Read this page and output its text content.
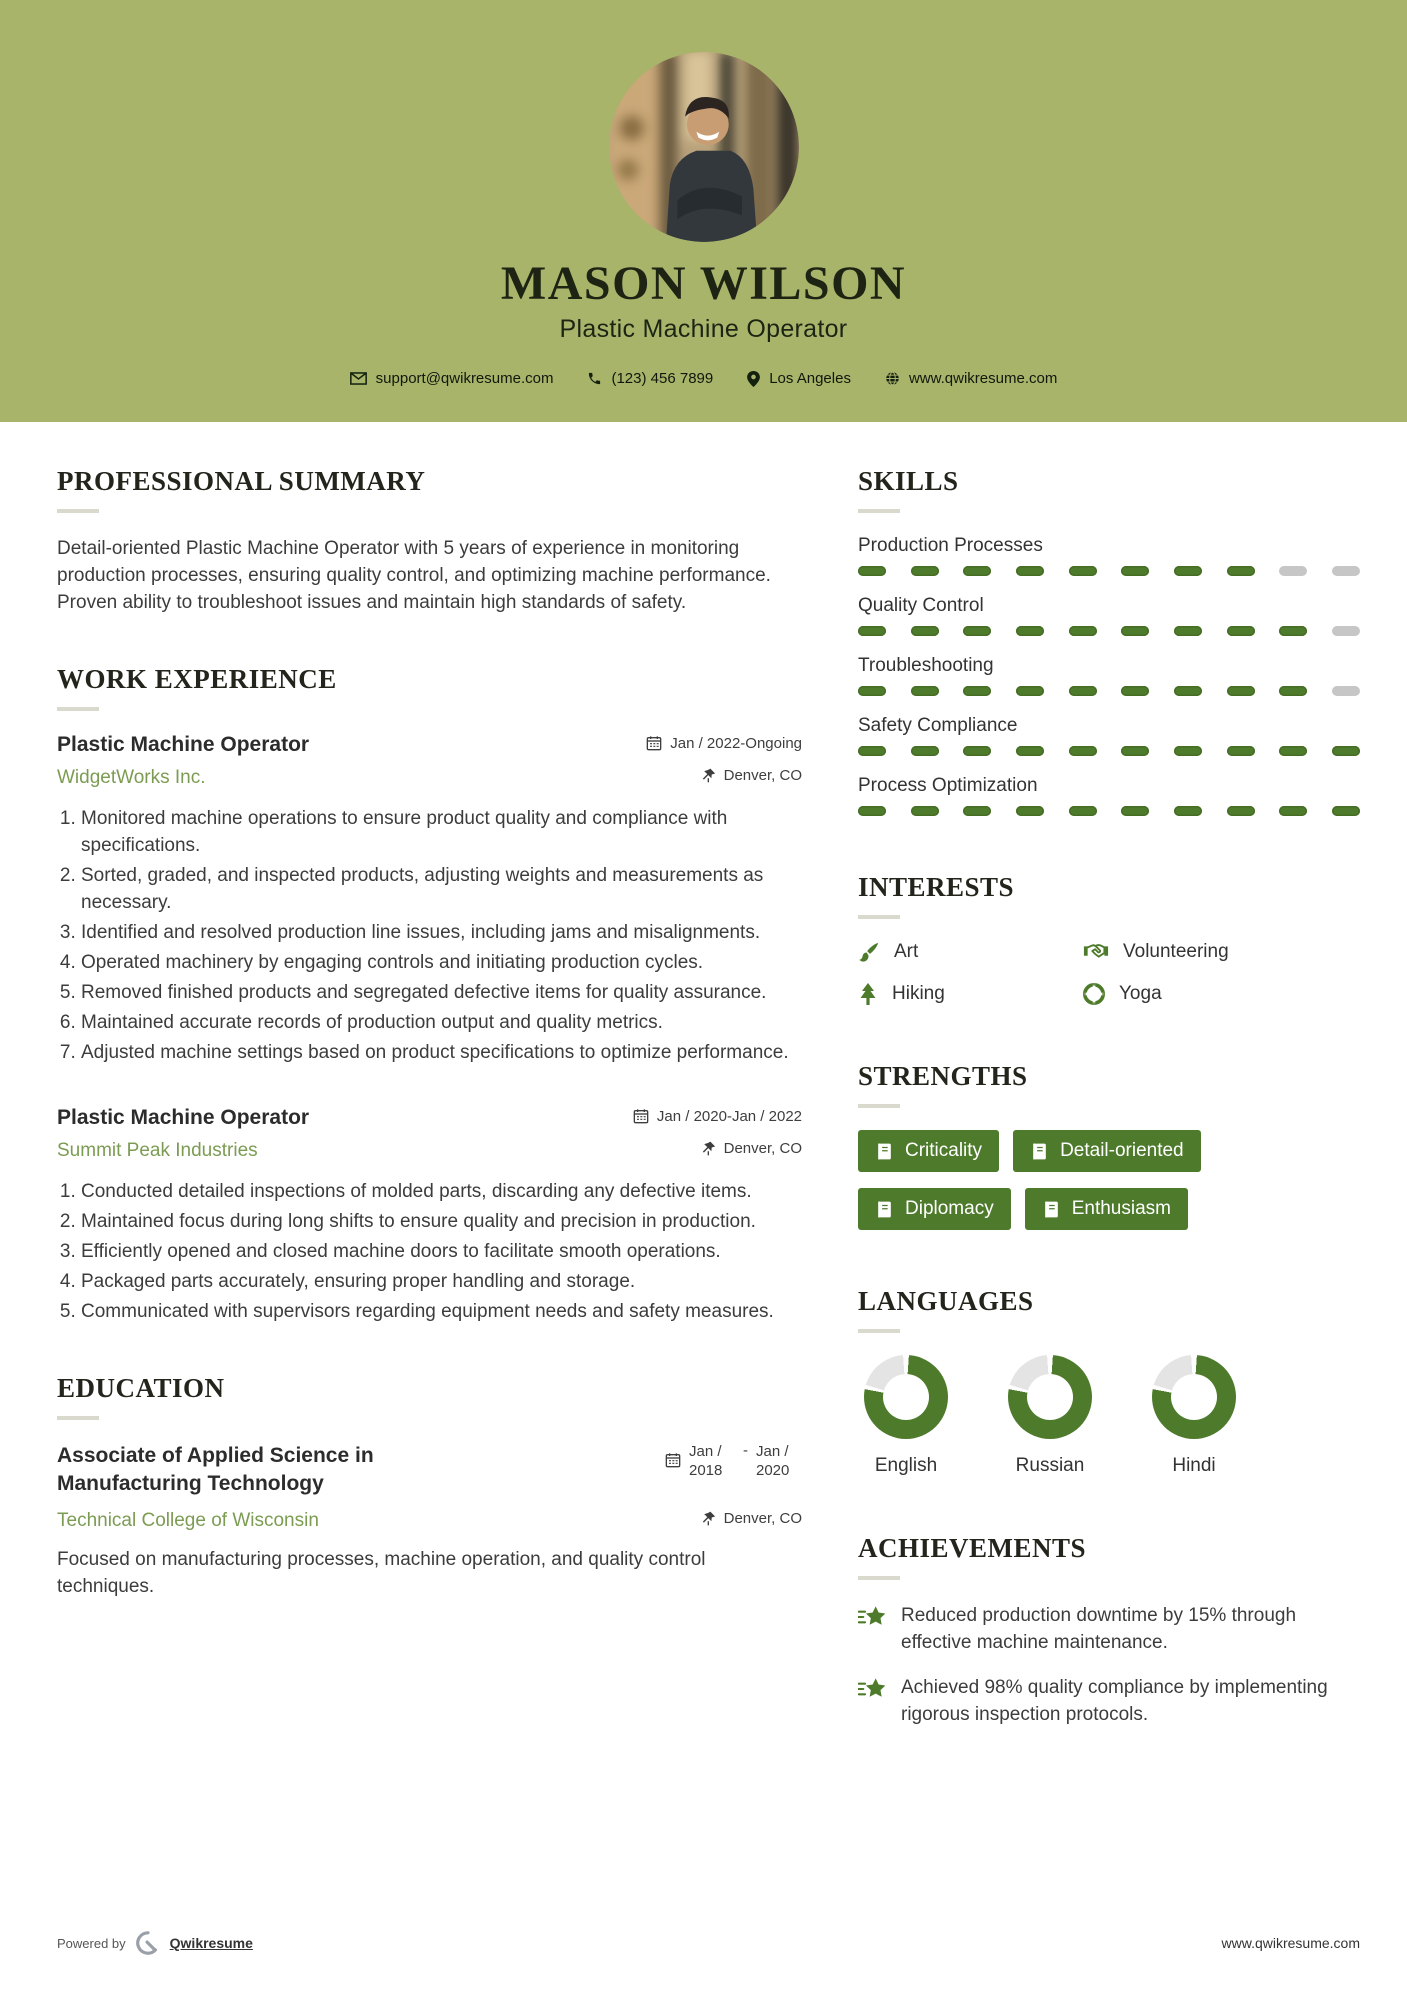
MASON WILSON
Plastic Machine Operator
support@qwikresume.com	(123) 456 7899	Los Angeles	www.qwikresume.com
PROFESSIONAL SUMMARY

Detail-oriented Plastic Machine Operator with 5 years of experience in monitoring production processes, ensuring quality control, and optimizing machine performance. Proven ability to troubleshoot issues and maintain high standards of safety.

WORK EXPERIENCE
Plastic Machine Operator	Jan / 2022-Ongoing
WidgetWorks Inc.	Denver, CO
1. Monitored machine operations to ensure product quality and compliance with specifications.
2. Sorted, graded, and inspected products, adjusting weights and measurements as necessary.
3. Identified and resolved production line issues, including jams and misalignments.
4. Operated machinery by engaging controls and initiating production cycles.
5. Removed finished products and segregated defective items for quality assurance.
6. Maintained accurate records of production output and quality metrics.
7. Adjusted machine settings based on product specifications to optimize performance.
Plastic Machine Operator	Jan / 2020-Jan / 2022
Summit Peak Industries	Denver, CO
1. Conducted detailed inspections of molded parts, discarding any defective items.
2. Maintained focus during long shifts to ensure quality and precision in production.
3. Efficiently opened and closed machine doors to facilitate smooth operations.
4. Packaged parts accurately, ensuring proper handling and storage.
5. Communicated with supervisors regarding equipment needs and safety measures.
EDUCATION
Associate of Applied Science in Manufacturing Technology
Jan / 2018
- Jan / 2020
Technical College of Wisconsin	Denver, CO

Focused on manufacturing processes, machine operation, and quality control techniques.

SKILLS
Production Processes
Quality Control
Troubleshooting
Safety Compliance
Process Optimization
INTERESTS
Art	Volunteering
Hiking	Yoga
STRENGTHS
Criticality	Detail-oriented
Diplomacy	Enthusiasm
LANGUAGES
English	Russian	Hindi
ACHIEVEMENTS
Reduced production downtime by 15% through effective machine maintenance.
Achieved 98% quality compliance by implementing rigorous inspection protocols.
Powered by	Qwikresume	www.qwikresume.com
